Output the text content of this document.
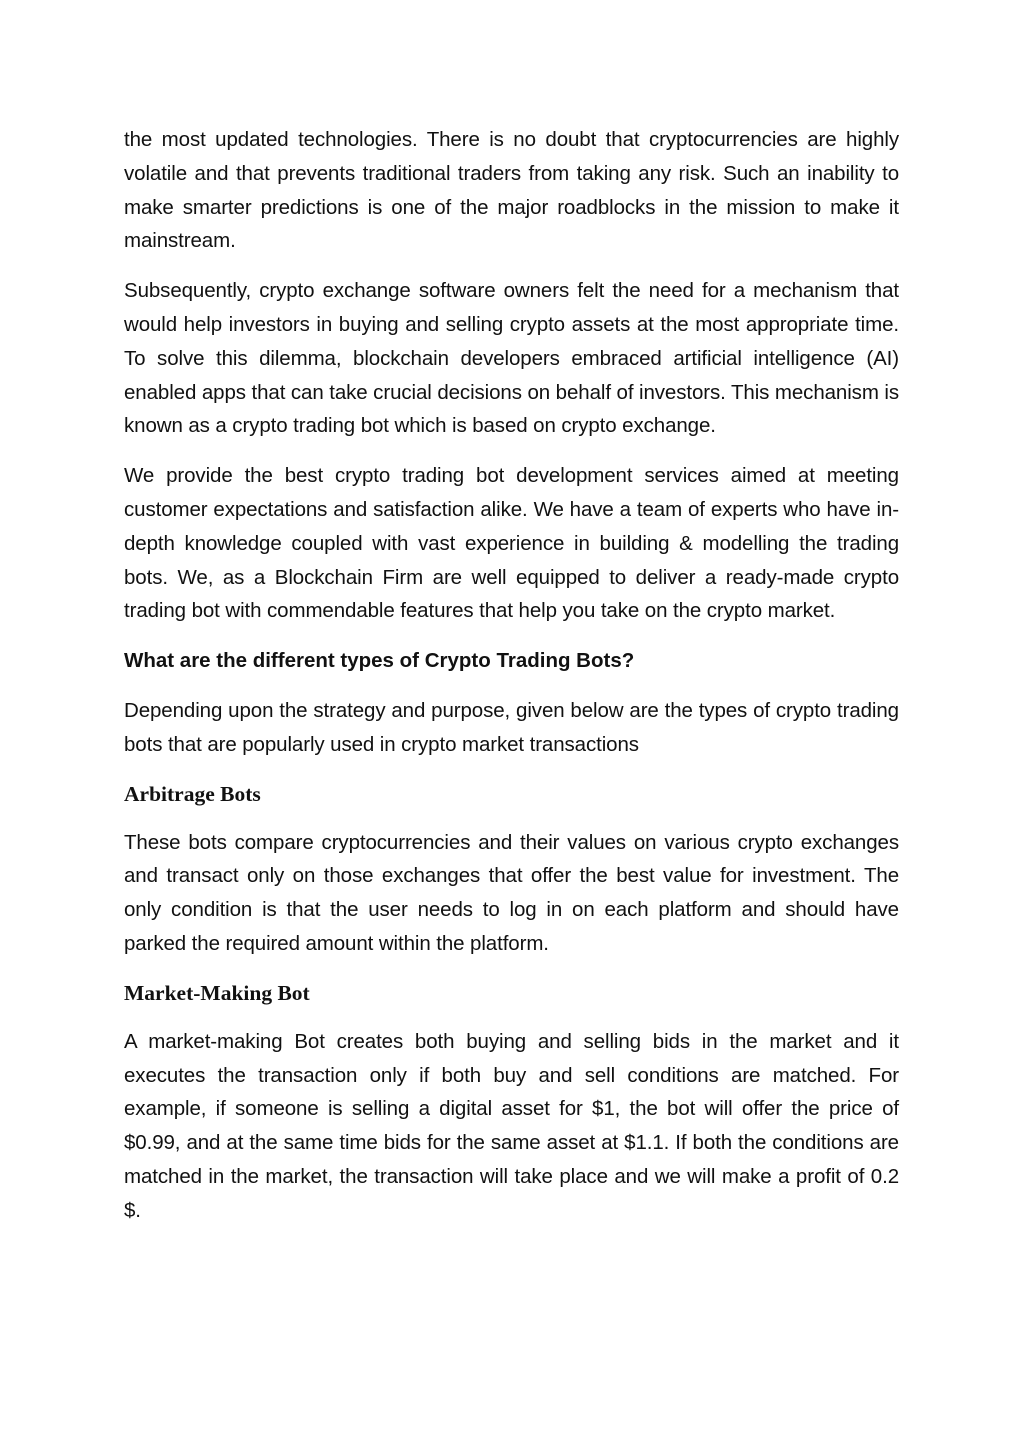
the most updated technologies. There is no doubt that cryptocurrencies are highly volatile and that prevents traditional traders from taking any risk. Such an inability to make smarter predictions is one of the major roadblocks in the mission to make it mainstream.

Subsequently, crypto exchange software owners felt the need for a mechanism that would help investors in buying and selling crypto assets at the most appropriate time. To solve this dilemma, blockchain developers embraced artificial intelligence (AI) enabled apps that can take crucial decisions on behalf of investors. This mechanism is known as a crypto trading bot which is based on crypto exchange.

We provide the best crypto trading bot development services aimed at meeting customer expectations and satisfaction alike. We have a team of experts who have in-depth knowledge coupled with vast experience in building & modelling the trading bots. We, as a Blockchain Firm are well equipped to deliver a ready-made crypto trading bot with commendable features that help you take on the crypto market.

What are the different types of Crypto Trading Bots?

Depending upon the strategy and purpose, given below are the types of crypto trading bots that are popularly used in crypto market transactions

Arbitrage Bots

These bots compare cryptocurrencies and their values on various crypto exchanges and transact only on those exchanges that offer the best value for investment. The only condition is that the user needs to log in on each platform and should have parked the required amount within the platform.

Market-Making Bot

A market-making Bot creates both buying and selling bids in the market and it executes the transaction only if both buy and sell conditions are matched. For example, if someone is selling a digital asset for $1, the bot will offer the price of $0.99, and at the same time bids for the same asset at $1.1. If both the conditions are matched in the market, the transaction will take place and we will make a profit of 0.2 $.
